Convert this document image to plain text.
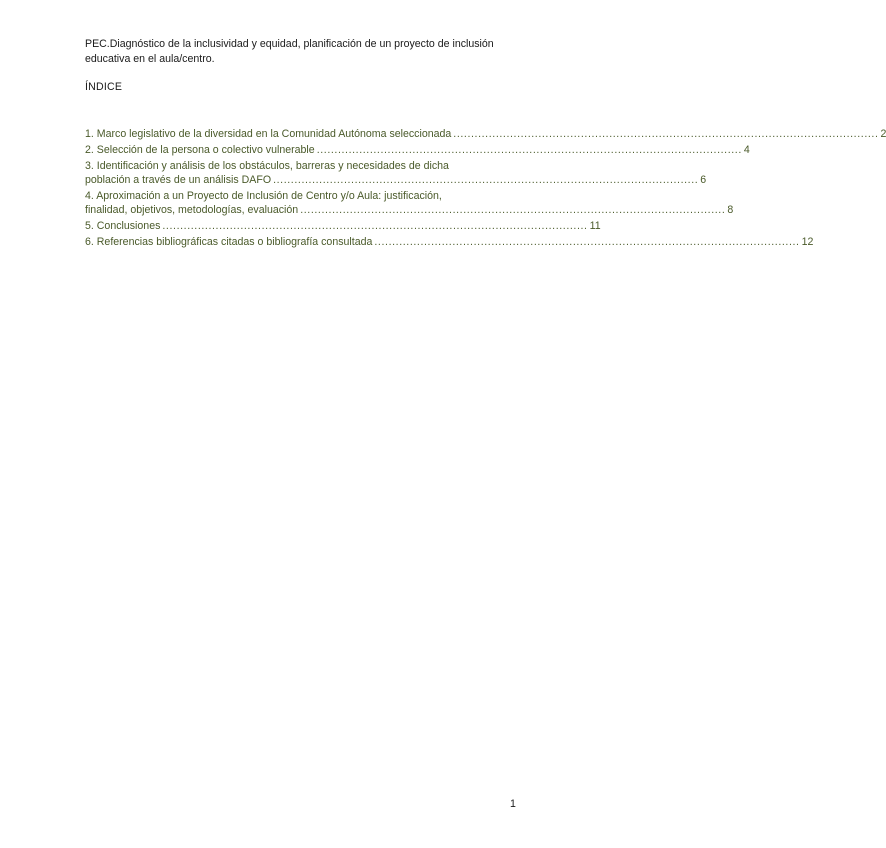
PEC.Diagnóstico de la inclusividad y equidad, planificación de un proyecto de inclusión
educativa en el aula/centro.
ÍNDICE
1. Marco legislativo de la diversidad en la Comunidad Autónoma seleccionada ........................................................................................................................ 2
2. Selección de la persona o colectivo vulnerable ........................................................................................................................ 4
3. Identificación y análisis de los obstáculos, barreras y necesidades de dicha
población a través de un análisis DAFO ........................................................................................................................ 6
4. Aproximación a un Proyecto de Inclusión de Centro y/o Aula: justificación,
finalidad, objetivos, metodologías, evaluación ........................................................................................................................ 8
5. Conclusiones ........................................................................................................................ 11
6. Referencias bibliográficas citadas o bibliografía consultada ........................................................................................................................ 12
1
